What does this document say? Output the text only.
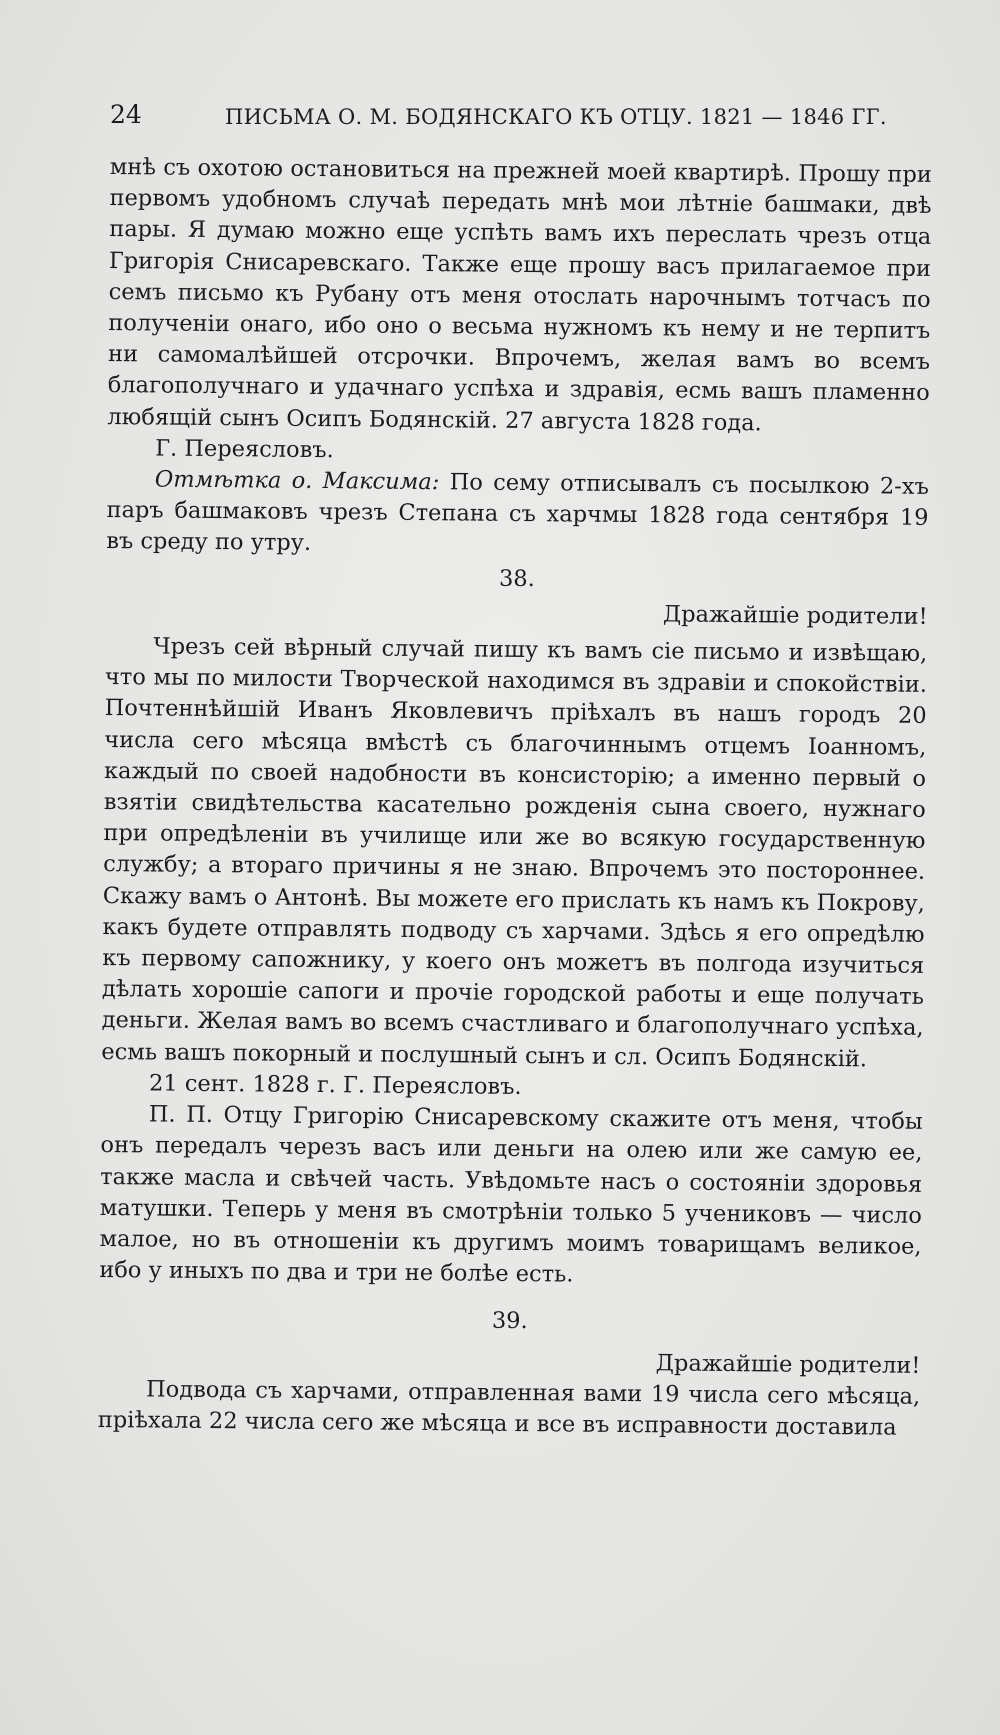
24	ПИСЬМА О. М. БОДЯНСКАГО КЪ ОТЦУ. 1821 — 1846 ГГ.

мнѣ съ охотою остановиться на прежней моей квартирѣ. Прошу при первомъ удобномъ случаѣ передать мнѣ мои лѣтніе башмаки, двѣ пары. Я думаю можно еще успѣть вамъ ихъ переслать чрезъ отца Григорія Снисаревскаго. Также еще прошу васъ прилагаемое при семъ письмо къ Рубану отъ меня отослать нарочнымъ тотчасъ по полученіи онаго, ибо оно о весьма нужномъ къ нему и не терпитъ ни самомалѣйшей отсрочки. Впрочемъ, желая вамъ во всемъ благополучнаго и удачнаго успѣха и здравія, есмь вашъ пламенно любящій сынъ Осипъ Бодянскій. 27 августа 1828 года.

Г. Переясловъ.

Отмѣтка о. Максима: По сему отписывалъ съ посылкою 2-хъ паръ башмаковъ чрезъ Степана съ харчмы 1828 года сентября 19 въ среду по утру.

38.

Дражайшіе родители!

Чрезъ сей вѣрный случай пишу къ вамъ сіе письмо и извѣщаю, что мы по милости Творческой находимся въ здравіи и спокойствіи. Почтеннѣйшій Иванъ Яковлевичъ пріѣхалъ въ нашъ городъ 20 числа сего мѣсяца вмѣстѣ съ благочиннымъ отцемъ Іоанномъ, каждый по своей надобности въ консисторію; а именно первый о взятіи свидѣтельства касательно рожденія сына своего, нужнаго при опредѣленіи въ училище или же во всякую государственную службу; а втораго причины я не знаю. Впрочемъ это постороннее. Скажу вамъ о Антонѣ. Вы можете его прислать къ намъ къ Покрову, какъ будете отправлять подводу съ харчами. Здѣсь я его опредѣлю къ первому сапожнику, у коего онъ можетъ въ полгода изучиться дѣлать хорошіе сапоги и прочіе городской работы и еще получать деньги. Желая вамъ во всемъ счастливаго и благополучнаго успѣха, есмь вашъ покорный и послушный сынъ и сл. Осипъ Бодянскій.

21 сент. 1828 г. Г. Переясловъ.

П. П. Отцу Григорію Снисаревскому скажите отъ меня, чтобы онъ передалъ черезъ васъ или деньги на олею или же самую ее, также масла и свѣчей часть. Увѣдомьте насъ о состояніи здоровья матушки. Теперь у меня въ смотрѣніи только 5 учениковъ — число малое, но въ отношеніи къ другимъ моимъ товарищамъ великое, ибо у иныхъ по два и три не болѣе есть.

39.

Дражайшіе родители!

Подвода съ харчами, отправленная вами 19 числа сего мѣсяца, пріѣхала 22 числа сего же мѣсяца и все въ исправности доставила
